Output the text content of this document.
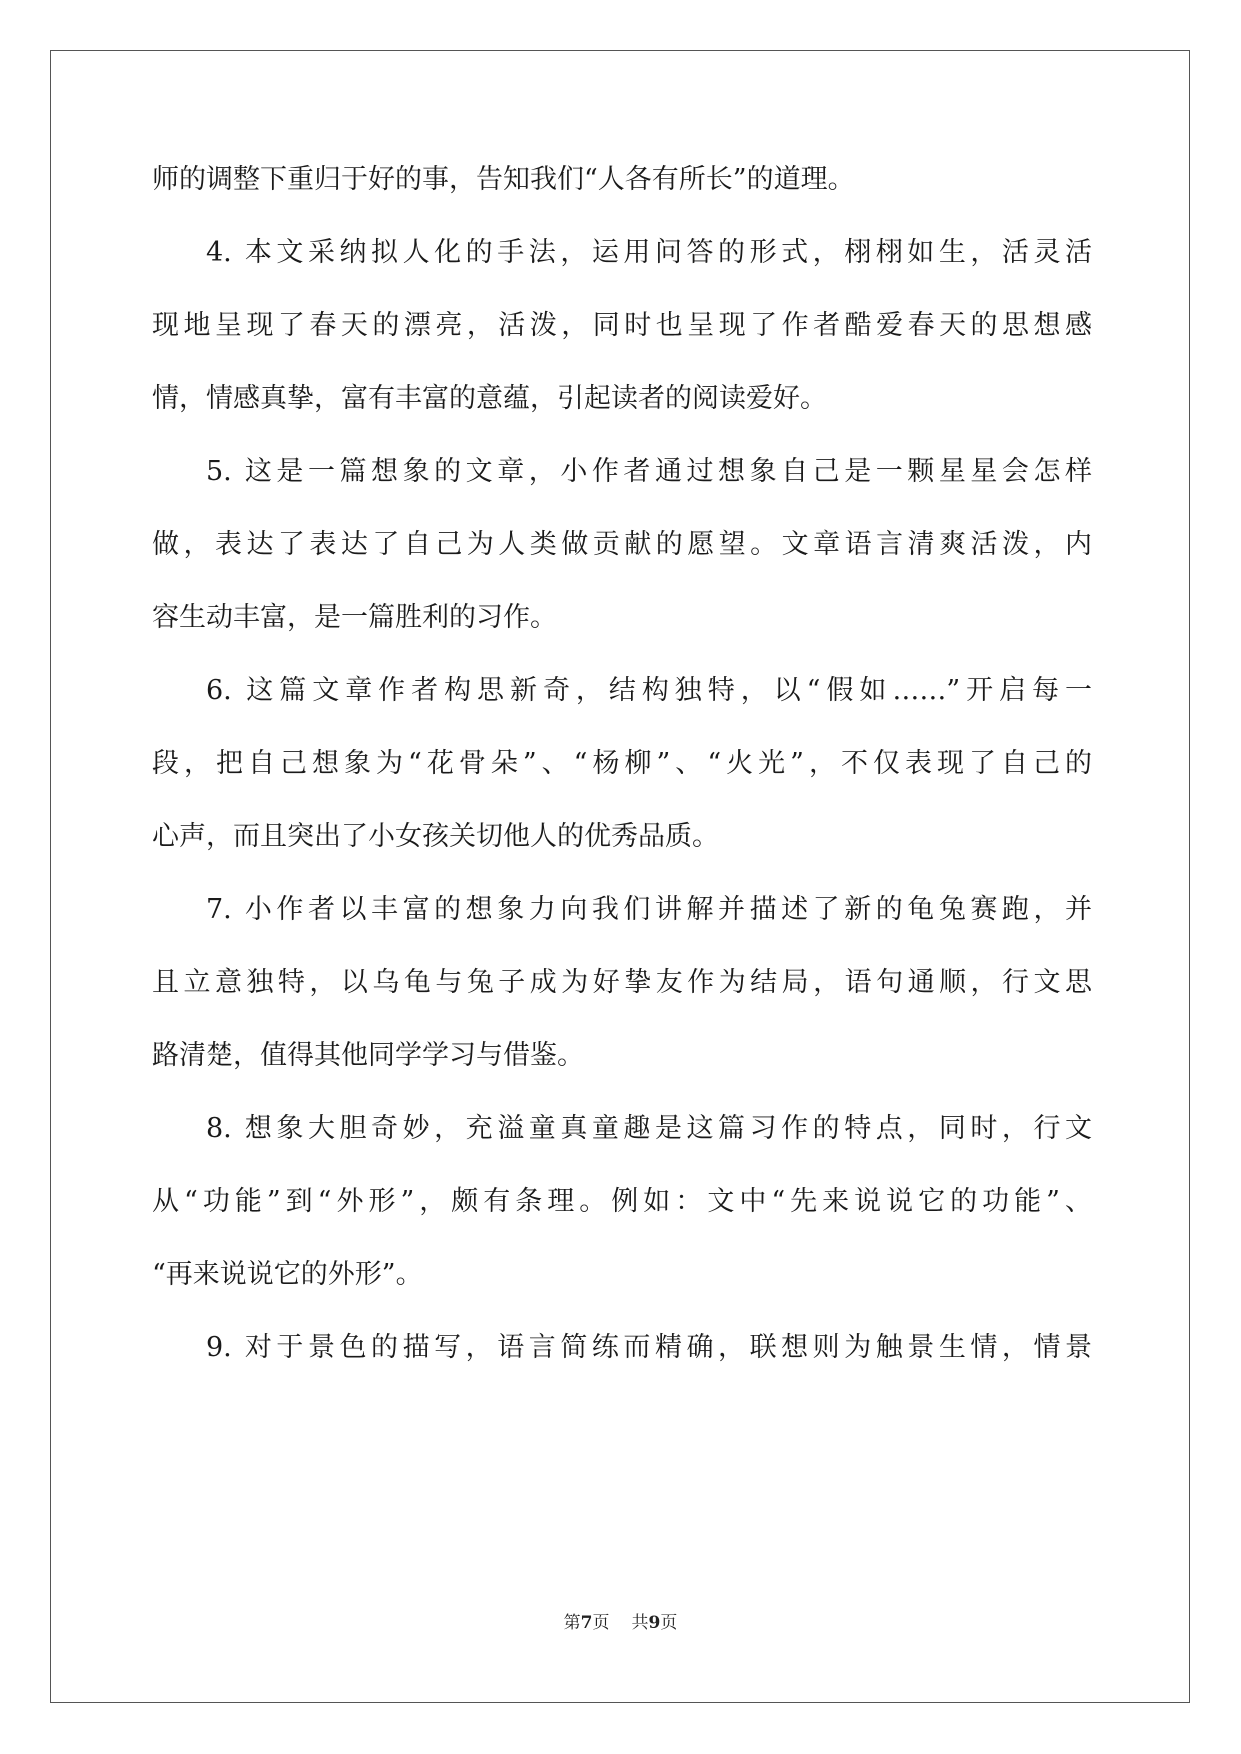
师的调整下重归于好的事，告知我们“人各有所长”的道理。
4. 本文采纳拟人化的手法，运用问答的形式，栩栩如生，活灵活
现地呈现了春天的漂亮，活泼，同时也呈现了作者酷爱春天的思想感
情，情感真挚，富有丰富的意蕴，引起读者的阅读爱好。
5. 这是一篇想象的文章，小作者通过想象自己是一颗星星会怎样
做，表达了表达了自己为人类做贡献的愿望。文章语言清爽活泼，内
容生动丰富，是一篇胜利的习作。
6. 这篇文章作者构思新奇，结构独特，以“假如……”开启每一
段，把自己想象为“花骨朵”、“杨柳”、“火光”，不仅表现了自己的
心声，而且突出了小女孩关切他人的优秀品质。
7. 小作者以丰富的想象力向我们讲解并描述了新的龟兔赛跑，并
且立意独特，以乌龟与兔子成为好挚友作为结局，语句通顺，行文思
路清楚，值得其他同学学习与借鉴。
8. 想象大胆奇妙，充溢童真童趣是这篇习作的特点，同时，行文
从“功能”到“外形”，颇有条理。例如：文中“先来说说它的功能”、
“再来说说它的外形”。
9. 对于景色的描写，语言简练而精确，联想则为触景生情，情景
第7页 共9页
